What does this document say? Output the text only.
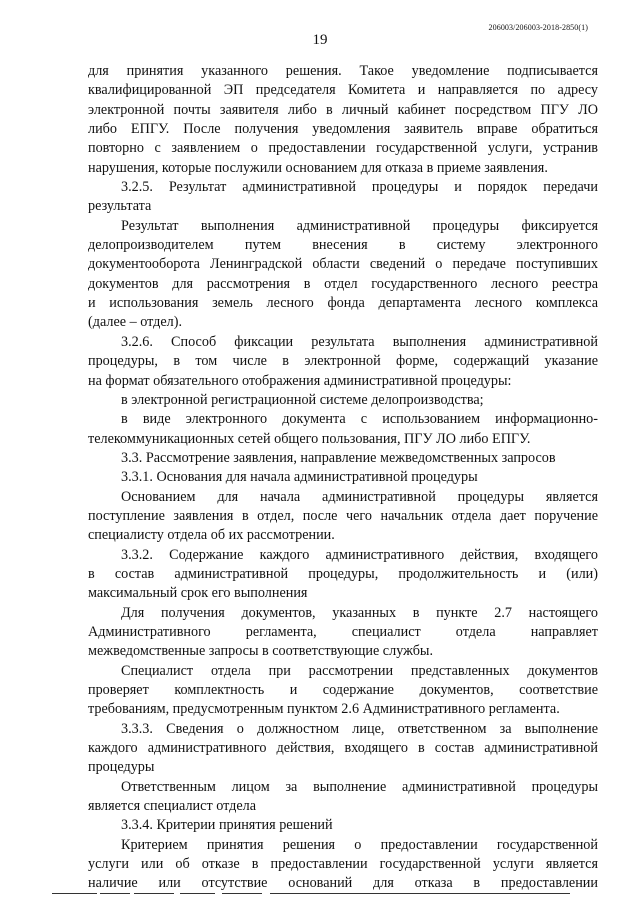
206003/206003-2018-2850(1)
19
для принятия указанного решения. Такое уведомление подписывается
квалифицированной ЭП председателя Комитета и направляется по адресу
электронной почты заявителя либо в личный кабинет посредством ПГУ ЛО
либо ЕПГУ. После получения уведомления заявитель вправе обратиться
повторно с заявлением о предоставлении государственной услуги, устранив
нарушения, которые послужили основанием для отказа в приеме заявления.
3.2.5. Результат административной процедуры и порядок передачи
результата
Результат выполнения административной процедуры фиксируется
делопроизводителем путем внесения в систему электронного
документооборота Ленинградской области сведений о передаче поступивших
документов для рассмотрения в отдел государственного лесного реестра
и использования земель лесного фонда департамента лесного комплекса
(далее – отдел).
3.2.6. Способ фиксации результата выполнения административной
процедуры, в том числе в электронной форме, содержащий указание
на формат обязательного отображения административной процедуры:
в электронной регистрационной системе делопроизводства;
в виде электронного документа с использованием информационно-
телекоммуникационных сетей общего пользования, ПГУ ЛО либо ЕПГУ.
3.3. Рассмотрение заявления, направление межведомственных запросов
3.3.1. Основания для начала административной процедуры
Основанием для начала административной процедуры является
поступление заявления в отдел, после чего начальник отдела дает поручение
специалисту отдела об их рассмотрении.
3.3.2. Содержание каждого административного действия, входящего
в состав административной процедуры, продолжительность и (или)
максимальный срок его выполнения
Для получения документов, указанных в пункте 2.7 настоящего
Административного регламента, специалист отдела направляет
межведомственные запросы в соответствующие службы.
Специалист отдела при рассмотрении представленных документов
проверяет комплектность и содержание документов, соответствие
требованиям, предусмотренным пунктом 2.6 Административного регламента.
3.3.3. Сведения о должностном лице, ответственном за выполнение
каждого административного действия, входящего в состав административной
процедуры
Ответственным лицом за выполнение административной процедуры
является специалист отдела
3.3.4. Критерии принятия решений
Критерием принятия решения о предоставлении государственной
услуги или об отказе в предоставлении государственной услуги является
наличие или отсутствие оснований для отказа в предоставлении
